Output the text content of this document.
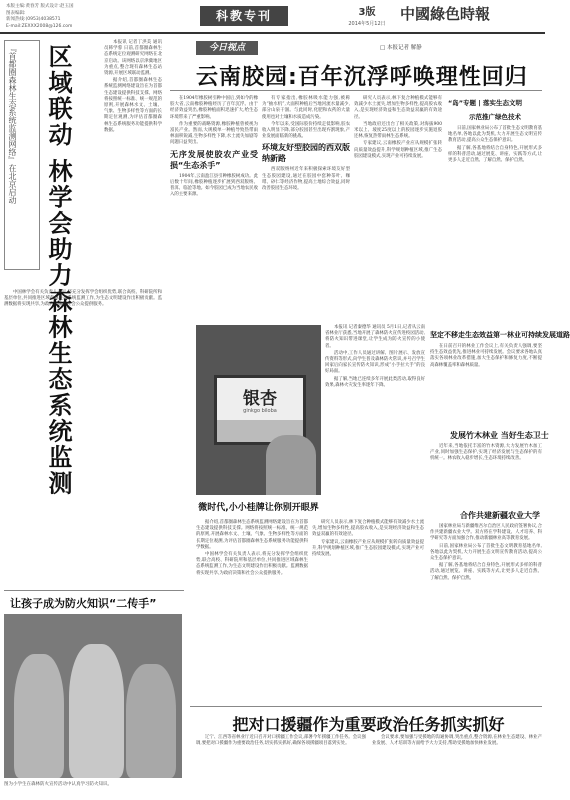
本版主编:黄春芳 版式设计:赵玉国
图表编辑:
新闻热线:(0953)4038571
E-mail:ZEXXX2008@126.com
科教专刊	3版
2014年5月12日
中國綠色時報
『首都圈森林生态系统监测网络』在北京启动 区域联动 林学会助力森林生态系统监测

本报讯 记者丁洪美 通讯员韩学蓉 日前,首都圈森林生态系统定位观测研究网络在北京启动。该网络以京津冀地区为重点,整合现有森林生态站资源,开展区域联动监测。

据介绍,首都圈森林生态系统监测网络建设旨在为首都生态建设提供科技支撑。网络将按照统一标准、统一规范的原则,开展森林水文、土壤、气象、生物多样性等方面的长期定位观测,为评估首都圈森林生态系统服务功能提供科学数据。

中国林学会有关负责人表示,将充分发挥学会组织优势,联合高校、科研院所和基层单位,共同推进区域森林生态系统监测工作,为生态文明建设作出积极贡献。监测数据将实现共享,为政府决策和社会公众提供服务。

今日视点	□ 本报记者 解静
云南胶园:百年沉浮呼唤理性回归

在1904年橡胶树引种中国后,到如今的橡胶大省,云南橡胶种植经历了百年沉浮。由于经济效益突出,橡胶种植面积迅速扩大,给生态环境带来了严重影响。

作为重要的战略资源,橡胶种植曾被视为富民产业。然而,大规模单一种植导致热带雨林面积锐减,生物多样性下降,水土流失加剧等问题日益突出。

无序发展使胶农产业受损“生态杀手”

1904年,云南盈江县引种橡胶树成功。此后数十年间,橡胶种植逐步扩展到西双版纳、普洱、临沧等地。如今胶园已成为当地农民收入的主要来源。

有专家指出,橡胶林吸水能力强,被称为“抽水机”,大面积种植后当地河流水量减少,部分山泉干涸。与此同时,化肥和农药的大量使用也对土壤和水质造成污染。

今年以来,受国际胶价持续走低影响,胶农收入明显下降,部分胶园甚至出现弃割现象,产业发展面临新的挑战。

环境友好型胶园的西双版纳新路

西双版纳州近年来积极探索环境友好型生态胶园建设,通过在胶园中套种茶叶、咖啡、砂仁等经济作物,提高土地综合效益,同时改善胶园生态环境。

研究人员表示,林下复合种植模式能够有效减少水土流失,增加生物多样性,提高胶农收入,是实现经济效益和生态效益双赢的有效途径。

当地政府还出台了相关政策,对海拔900米以上、坡度25度以上的胶园逐步实施退胶还林,恢复热带雨林生态系统。

专家建议,云南橡胶产业应从规模扩张转向质量效益提升,科学规划种植区域,推广生态胶园建设模式,实现产业可持续发展。

“岛”专题 | 落实生态文明
示范推广绿色技术

日前,国家林业局公布了首批生态文明教育基地名单,各地以此为契机,大力开展生态文明宣传教育活动,提高公众生态保护意识。

据了解,各基地将结合自身特色,开展形式多样的科普活动,通过展览、讲座、实践等方式,让更多人走近自然、了解自然、保护自然。

银杏
ginkgo biloba
微时代,小小桂牌让你别开眼界

本报讯 记者秦德华 通讯员 5月1日,记者从云南省林业厅获悉,当地开展了森林防火宣传进校园活动,将防火知识带进课堂,让学生成为防火宣传的小使者。

活动中,工作人员通过讲解、图片展示、发放宣传资料等形式,向学生普及森林防火常识,并号召学生回家后向家长宣传防火知识,形成“小手拉大手”的良好局面。

据了解,当地已连续多年开展此类活动,取得良好效果,森林火灾发生率逐年下降。

坚定不移走生态效益第一林业可持续发展道路

在日前召开的林业工作会议上,有关负责人强调,要坚持生态效益优先,推进林业可持续发展。会议要求各地认真落实各项林业改革措施,加大生态保护和修复力度,不断提高森林覆盖率和森林质量。

发展竹木林业 当好生态卫士

近年来,当地依托丰富的竹木资源,大力发展竹木加工产业,同时加强生态保护,实现了经济发展与生态保护的有机统一。林农收入稳步增长,生态环境持续改善。

合作共建新疆农业大学

国家林业局与新疆维吾尔自治区人民政府签署协议,合作共建新疆农业大学。双方将在学科建设、人才培养、科学研究等方面加强合作,推动新疆林业高等教育发展。

日前,国家林业局公布了首批生态文明教育基地名单,各地以此为契机,大力开展生态文明宣传教育活动,提高公众生态保护意识。

据了解,各基地将结合自身特色,开展形式多样的科普活动,通过展览、讲座、实践等方式,让更多人走近自然、了解自然、保护自然。

据介绍,首都圈森林生态系统监测网络建设旨在为首都生态建设提供科技支撑。网络将按照统一标准、统一规范的原则,开展森林水文、土壤、气象、生物多样性等方面的长期定位观测,为评估首都圈森林生态系统服务功能提供科学数据。

中国林学会有关负责人表示,将充分发挥学会组织优势,联合高校、科研院所和基层单位,共同推进区域森林生态系统监测工作,为生态文明建设作出积极贡献。监测数据将实现共享,为政府决策和社会公众提供服务。

研究人员表示,林下复合种植模式能够有效减少水土流失,增加生物多样性,提高胶农收入,是实现经济效益和生态效益双赢的有效途径。

专家建议,云南橡胶产业应从规模扩张转向质量效益提升,科学规划种植区域,推广生态胶园建设模式,实现产业可持续发展。

让孩子成为防火知识“二传手”
图为小学生在森林防火宣传活动中认真学习防火知识。
把对口援疆作为重要政治任务抓实抓好

辽宁、江西等省林业厅近日召开对口援疆工作会议,部署今年援疆工作任务。会议强调,要把对口援疆作为重要政治任务,切实抓实抓好,确保各项援疆项目落到实处。

会议要求,要加强与受援地的沟通协调,突出重点,整合资源,在林业生态建设、林业产业发展、人才培训等方面给予大力支持,帮助受援地加快林业发展。
